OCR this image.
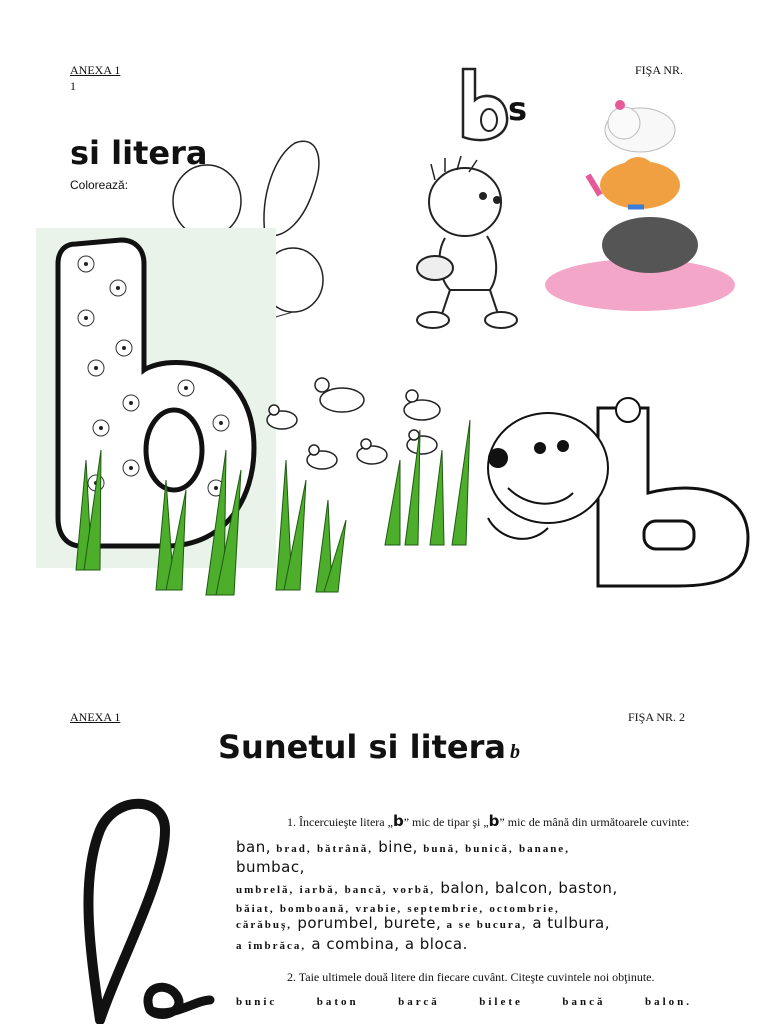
ANEXA 1
1
FIŞA NR.
si litera
Colorează:
s
ANEXA 1	FIŞA NR. 2
Sunetul si litera b
1. Încercuieşte litera „b” mic de tipar şi „b” mic de mână din următoarele cuvinte:
ban, brad, bătrână, bine, bună, bunică, banane,
bumbac,
umbrelă, iarbă, bancă, vorbă, balon, balcon, baston,
băiat, bomboană, vrabie, septembrie, octombrie,
cărăbuş, porumbel, burete, a se bucura, a tulbura,
a îmbrăca, a combina, a bloca.
2. Taie ultimele două litere din fiecare cuvânt. Citeşte cuvintele noi obţinute.
bunic	baton	barcă	bilete	bancă	balon.
